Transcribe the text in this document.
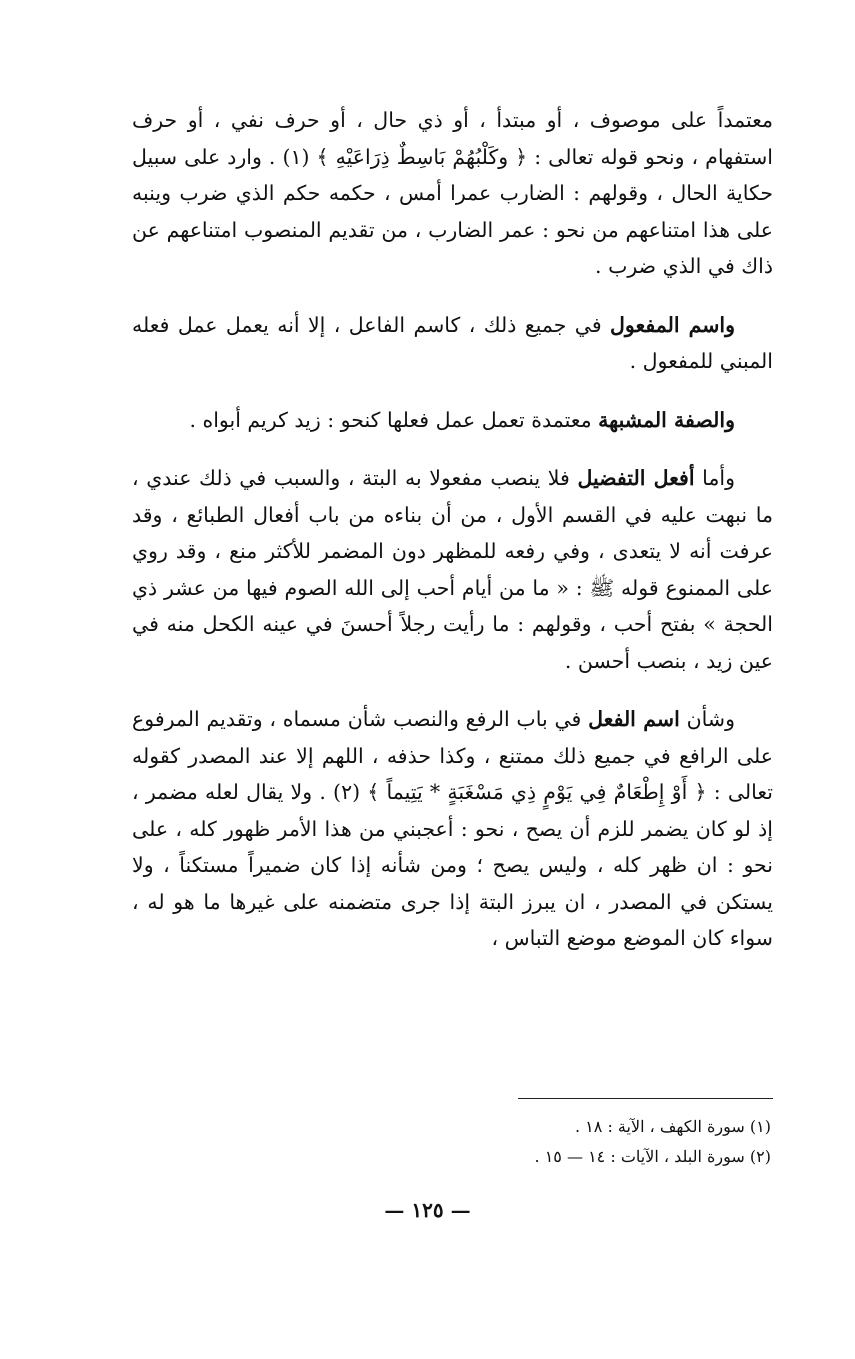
معتمداً على موصوف ، أو مبتدأ ، أو ذي حال ، أو حرف نفي ، أو حرف استفهام ، ونحو قوله تعالى : ﴿ وكَلْبُهُمْ بَاسِطٌ ذِرَاعَيْهِ ﴾ (١) . وارد على سبيل حكاية الحال ، وقولهم : الضارب عمرا أمس ، حكمه حكم الذي ضرب وينبه على هذا امتناعهم من نحو : عمر الضارب ، من تقديم المنصوب امتناعهم عن ذاك في الذي ضرب .

واسم المفعول في جميع ذلك ، كاسم الفاعل ، إلا أنه يعمل عمل فعله المبني للمفعول .

والصفة المشبهة معتمدة تعمل عمل فعلها كنحو : زيد كريم أبواه .

وأما أفعل التفضيل فلا ينصب مفعولا به البتة ، والسبب في ذلك عندي ، ما نبهت عليه في القسم الأول ، من أن بناءه من باب أفعال الطبائع ، وقد عرفت أنه لا يتعدى ، وفي رفعه للمظهر دون المضمر للأكثر منع ، وقد روي على الممنوع قوله ﷺ : « ما من أيام أحب إلى الله الصوم فيها من عشر ذي الحجة » بفتح أحب ، وقولهم : ما رأيت رجلاً أحسنَ في عينه الكحل منه في عين زيد ، بنصب أحسن .

وشأن اسم الفعل في باب الرفع والنصب شأن مسماه ، وتقديم المرفوع على الرافع في جميع ذلك ممتنع ، وكذا حذفه ، اللهم إلا عند المصدر كقوله تعالى : ﴿ أَوْ إِطْعَامٌ فِي يَوْمٍ ذِي مَسْغَبَةٍ * يَتِيماً ﴾ (٢) . ولا يقال لعله مضمر ، إذ لو كان يضمر للزم أن يصح ، نحو : أعجبني من هذا الأمر ظهور كله ، على نحو : ان ظهر كله ، وليس يصح ؛ ومن شأنه إذا كان ضميراً مستكناً ، ولا يستكن في المصدر ، ان يبرز البتة إذا جرى متضمنه على غيرها ما هو له ، سواء كان الموضع موضع التباس ،

(١) سورة الكهف ، الآية : ١٨ .
(٢) سورة البلد ، الآيات : ١٤ — ١٥ .
— ١٢٥ —
